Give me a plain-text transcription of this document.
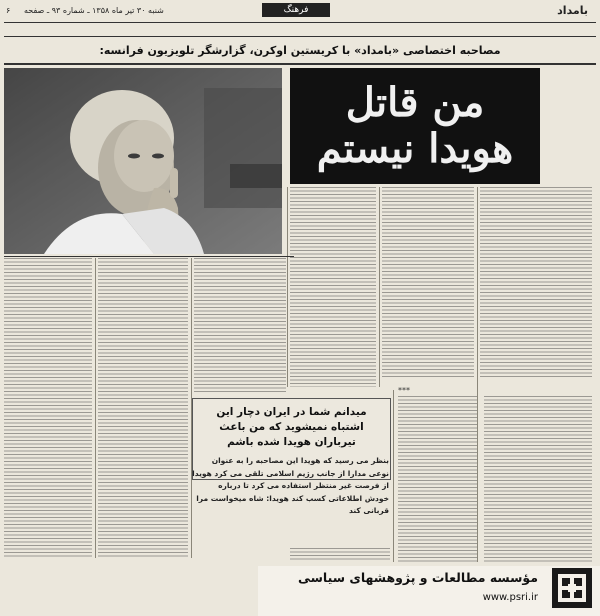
۶ شنبه ۳۰ تیر ماه ۱۳۵۸ ـ شماره ۹۳ ـ صفحه	فرهنگ	بامداد
مصاحبه اختصاصی «بامداد» با کریستین اوکرن، گزارشگر تلویزیون فرانسه:
من قاتل
هویدا نیستم
***
میدانم شما در ایران دچار این اشتباه نمیشوید که من باعث تیرباران هویدا شده باشم
بنظر می رسید که هویدا این مصاحبه را به عنوان نوعی مدارا از جانب رژیم اسلامی تلقی می کرد هویدا از فرصت غیر منتظر استفاده می کرد تا درباره خودش اطلاعاتی کسب کند هویدا: شاه میخواست مرا قربانی کند
مؤسسه مطالعات و پژوهشهای سیاسی
www.psri.ir
